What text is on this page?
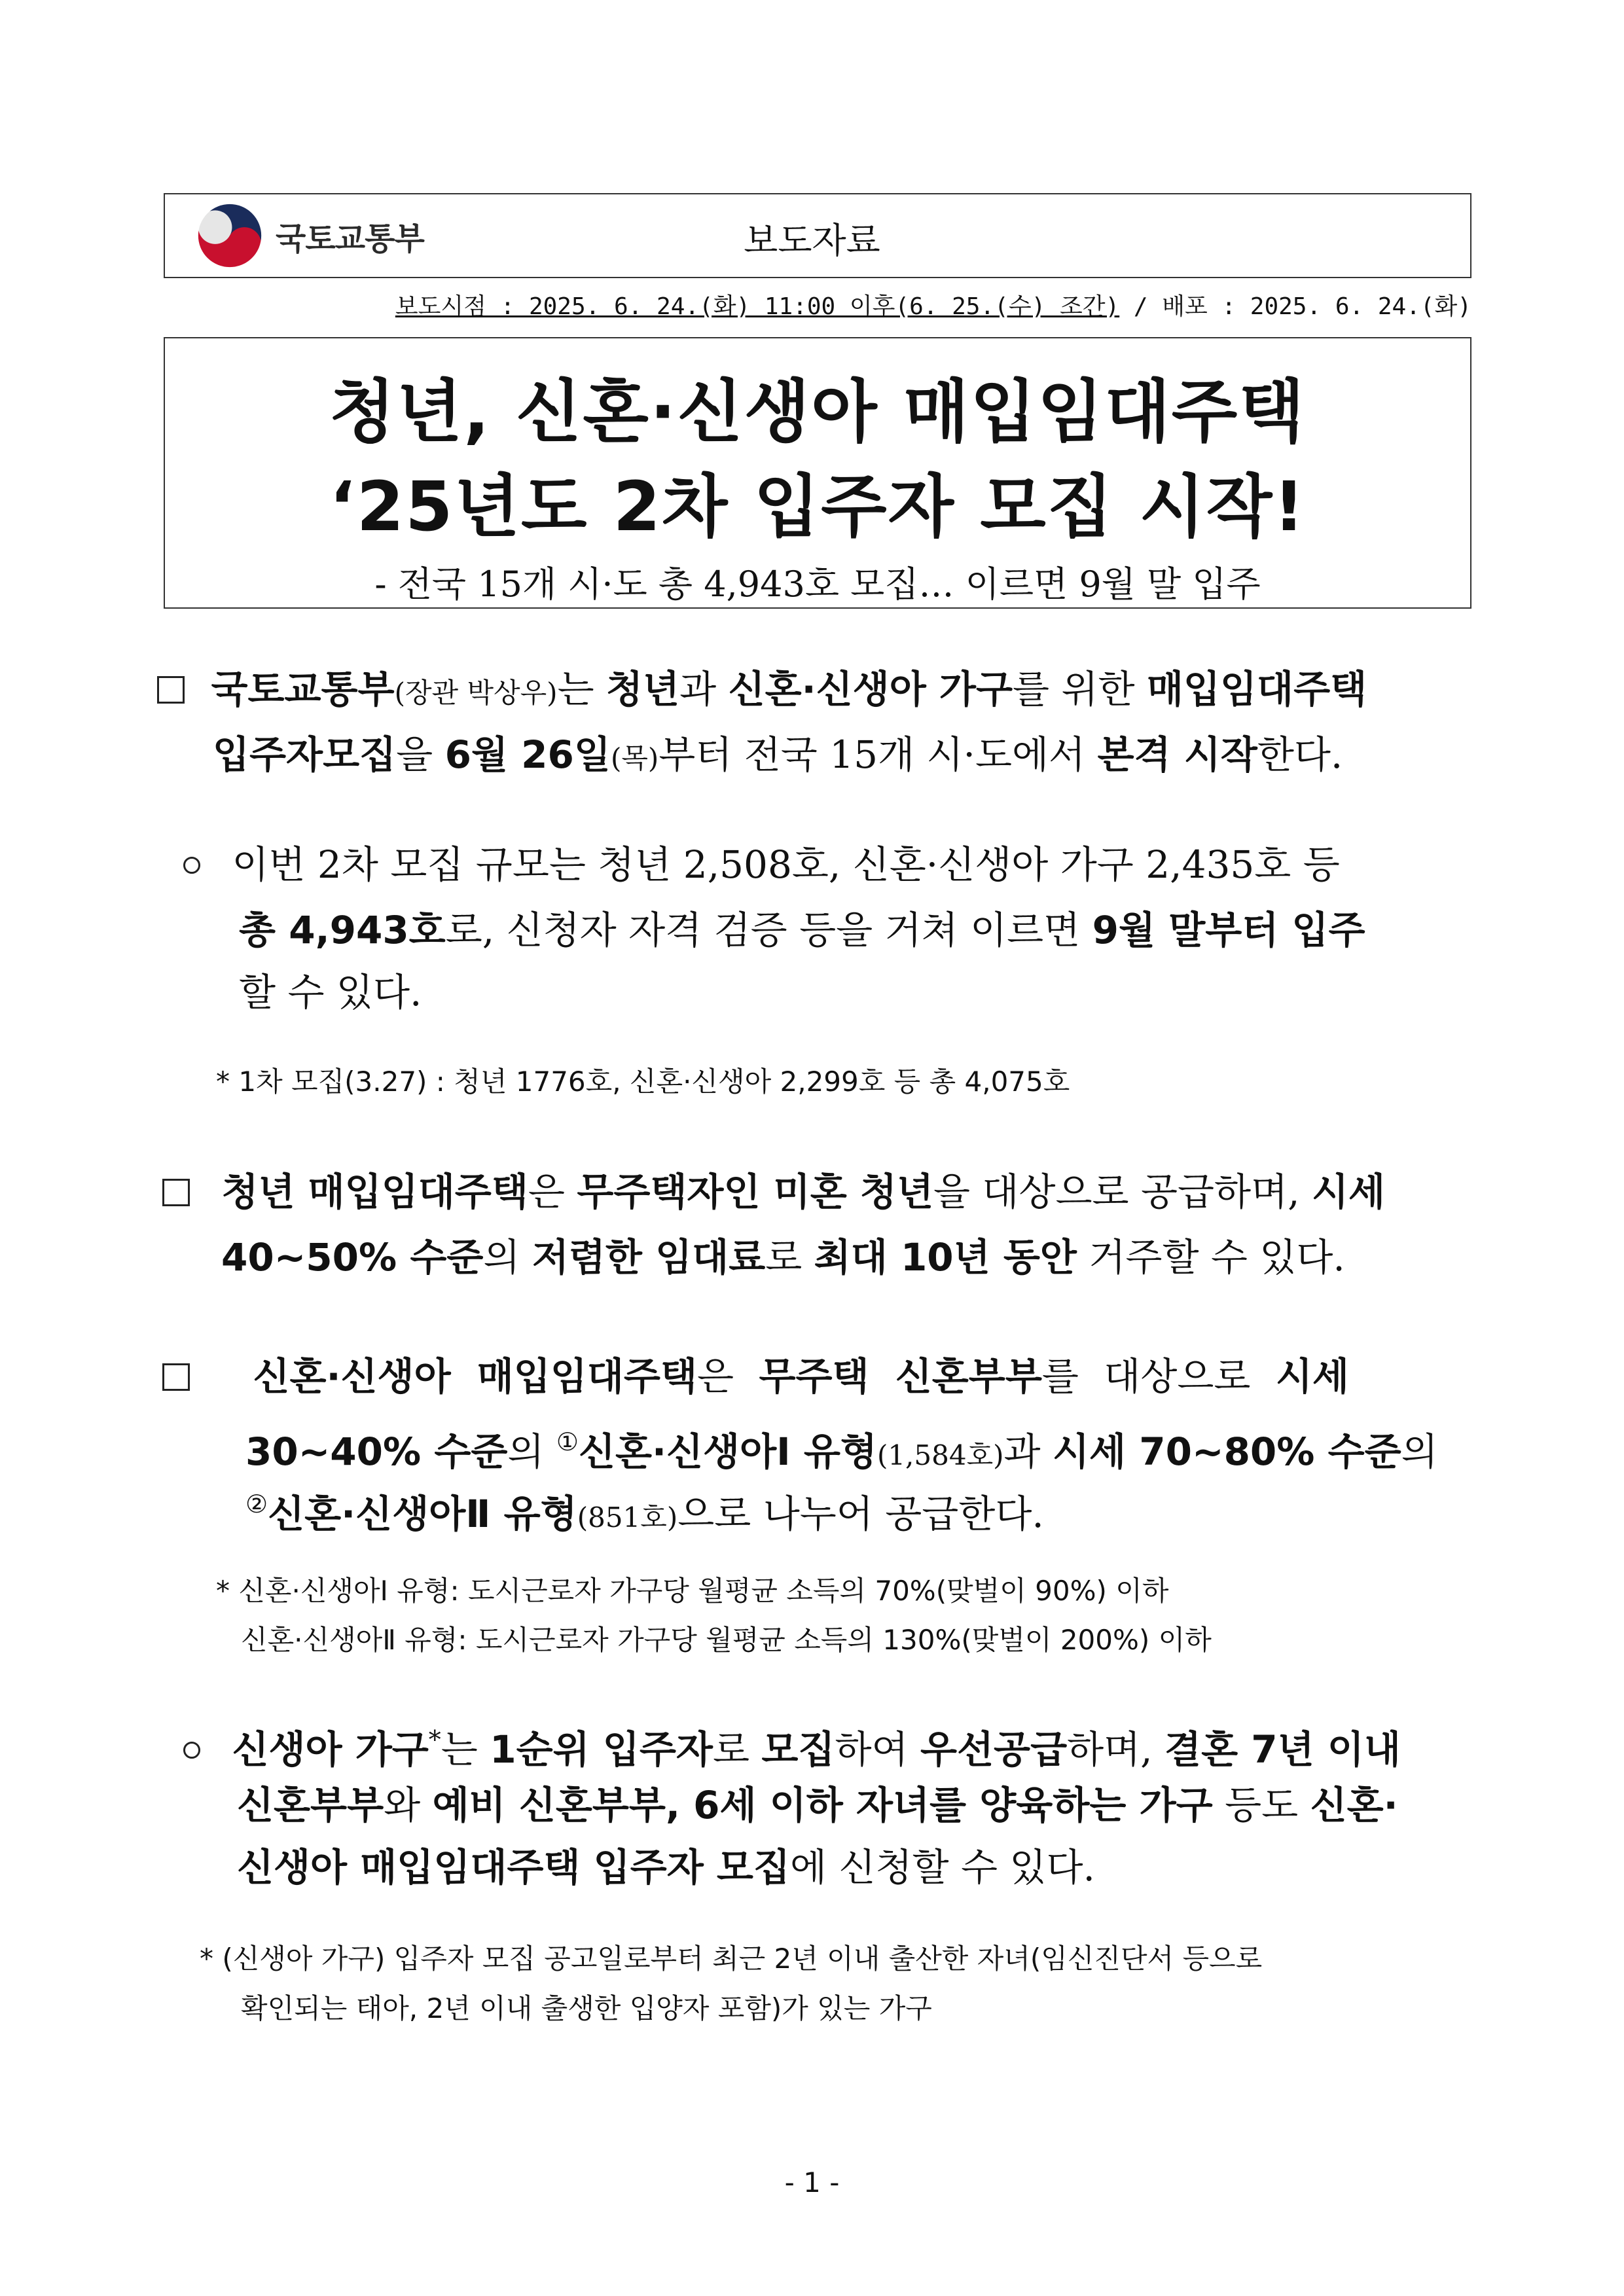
국토교통부	보도자료
보도시점 : 2025. 6. 24.(화) 11:00 이후(6. 25.(수) 조간) / 배포 : 2025. 6. 24.(화)
청년, 신혼·신생아 매입임대주택
‘25년도 2차 입주자 모집 시작!
- 전국 15개 시·도 총 4,943호 모집… 이르면 9월 말 입주
국토교통부(장관 박상우)는 청년과 신혼·신생아 가구를 위한 매입임대주택
입주자모집을 6월 26일(목)부터 전국 15개 시·도에서 본격 시작한다.
이번 2차 모집 규모는 청년 2,508호, 신혼·신생아 가구 2,435호 등
총 4,943호로, 신청자 자격 검증 등을 거쳐 이르면 9월 말부터 입주
할 수 있다.
* 1차 모집(3.27) : 청년 1776호, 신혼·신생아 2,299호 등 총 4,075호
청년 매입임대주택은 무주택자인 미혼 청년을 대상으로 공급하며, 시세
40~50% 수준의 저렴한 임대료로 최대 10년 동안 거주할 수 있다.
신혼·신생아 매입임대주택은 무주택 신혼부부를 대상으로 시세
30~40% 수준의 ①신혼·신생아Ⅰ 유형(1,584호)과 시세 70~80% 수준의
②신혼·신생아Ⅱ 유형(851호)으로 나누어 공급한다.
* 신혼·신생아Ⅰ 유형: 도시근로자 가구당 월평균 소득의 70%(맞벌이 90%) 이하
신혼·신생아Ⅱ 유형: 도시근로자 가구당 월평균 소득의 130%(맞벌이 200%) 이하
신생아 가구*는 1순위 입주자로 모집하여 우선공급하며, 결혼 7년 이내
신혼부부와 예비 신혼부부, 6세 이하 자녀를 양육하는 가구 등도 신혼·
신생아 매입임대주택 입주자 모집에 신청할 수 있다.
* (신생아 가구) 입주자 모집 공고일로부터 최근 2년 이내 출산한 자녀(임신진단서 등으로
확인되는 태아, 2년 이내 출생한 입양자 포함)가 있는 가구
- 1 -
